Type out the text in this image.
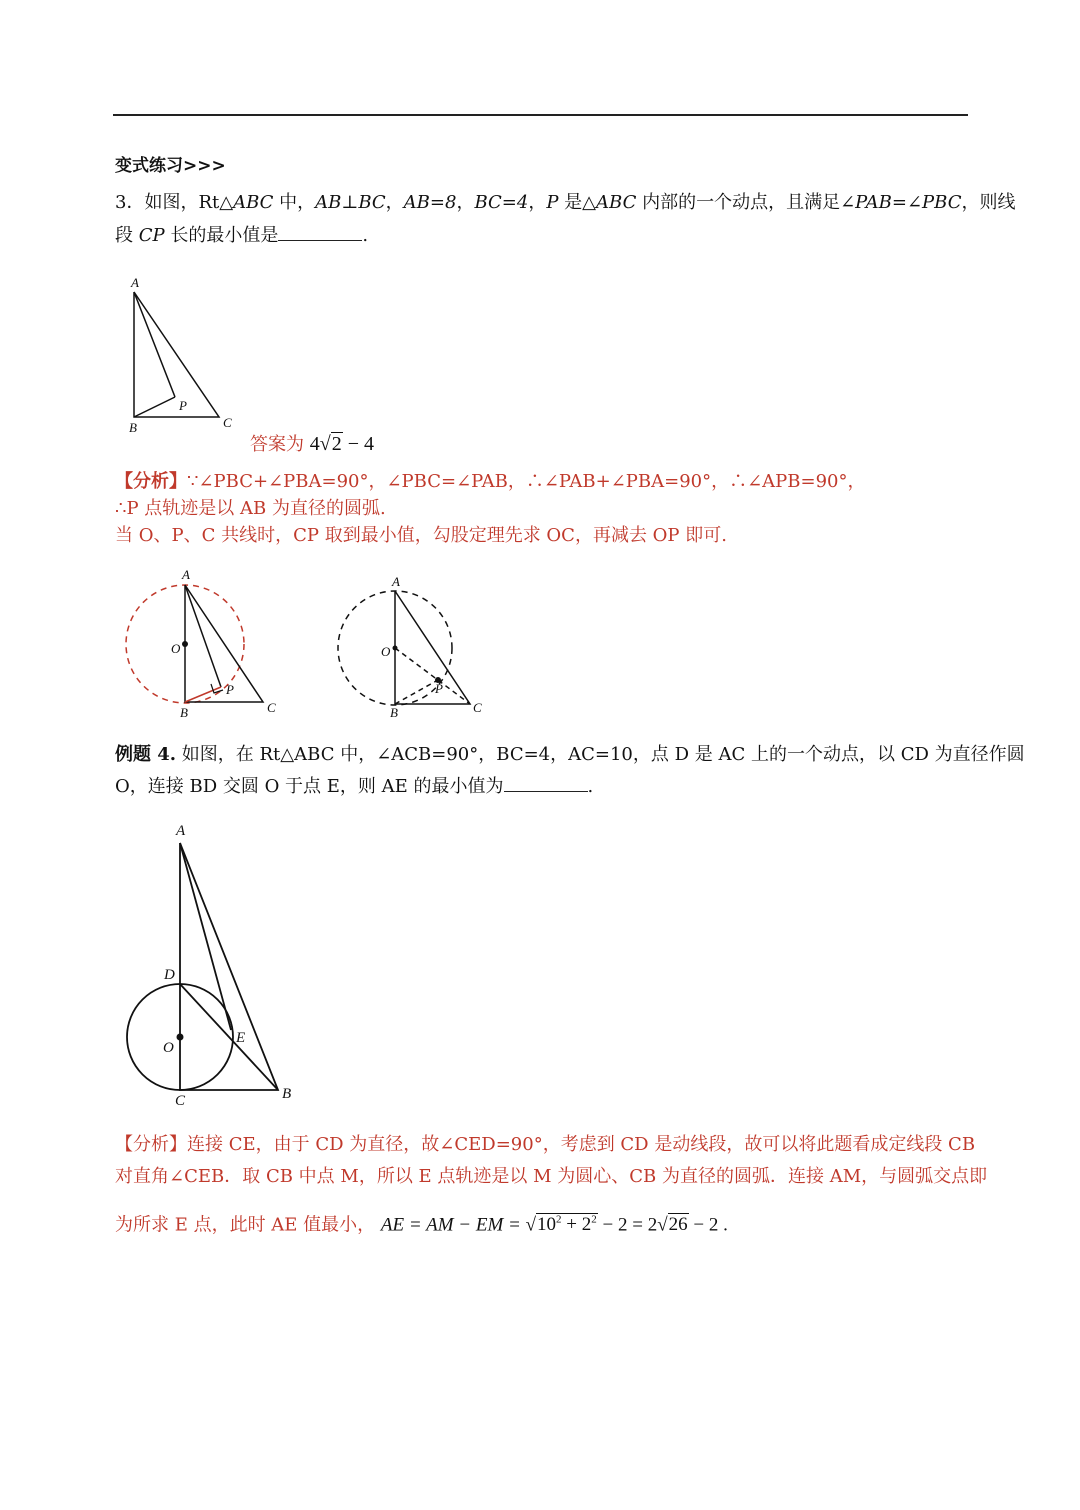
变式练习>>>
3．如图，Rt△ABC 中，AB⊥BC，AB=8，BC=4，P 是△ABC 内部的一个动点，且满足∠PAB=∠PBC，则线
段 CP 长的最小值是	.
答案为 4√2 − 4
【分析】∵∠PBC+∠PBA=90°，∠PBC=∠PAB，∴∠PAB+∠PBA=90°，∴∠APB=90°，
∴P 点轨迹是以 AB 为直径的圆弧.
当 O、P、C 共线时，CP 取到最小值，勾股定理先求 OC，再减去 OP 即可.
例题 4. 如图，在 Rt△ABC 中，∠ACB=90°，BC=4，AC=10，点 D 是 AC 上的一个动点，以 CD 为直径作圆
O，连接 BD 交圆 O 于点 E，则 AE 的最小值为	.
【分析】连接 CE，由于 CD 为直径，故∠CED=90°，考虑到 CD 是动线段，故可以将此题看成定线段 CB
对直角∠CEB．取 CB 中点 M，所以 E 点轨迹是以 M 为圆心、CB 为直径的圆弧．连接 AM，与圆弧交点即
为所求 E 点，此时 AE 值最小， AE = AM − EM = $√10^2 + 2^2 - 2 = 2√26 - 2$ .
A
B	C
P
A
O
P
B	C
A
O
P
B	C
A
D
O
E
C	B
